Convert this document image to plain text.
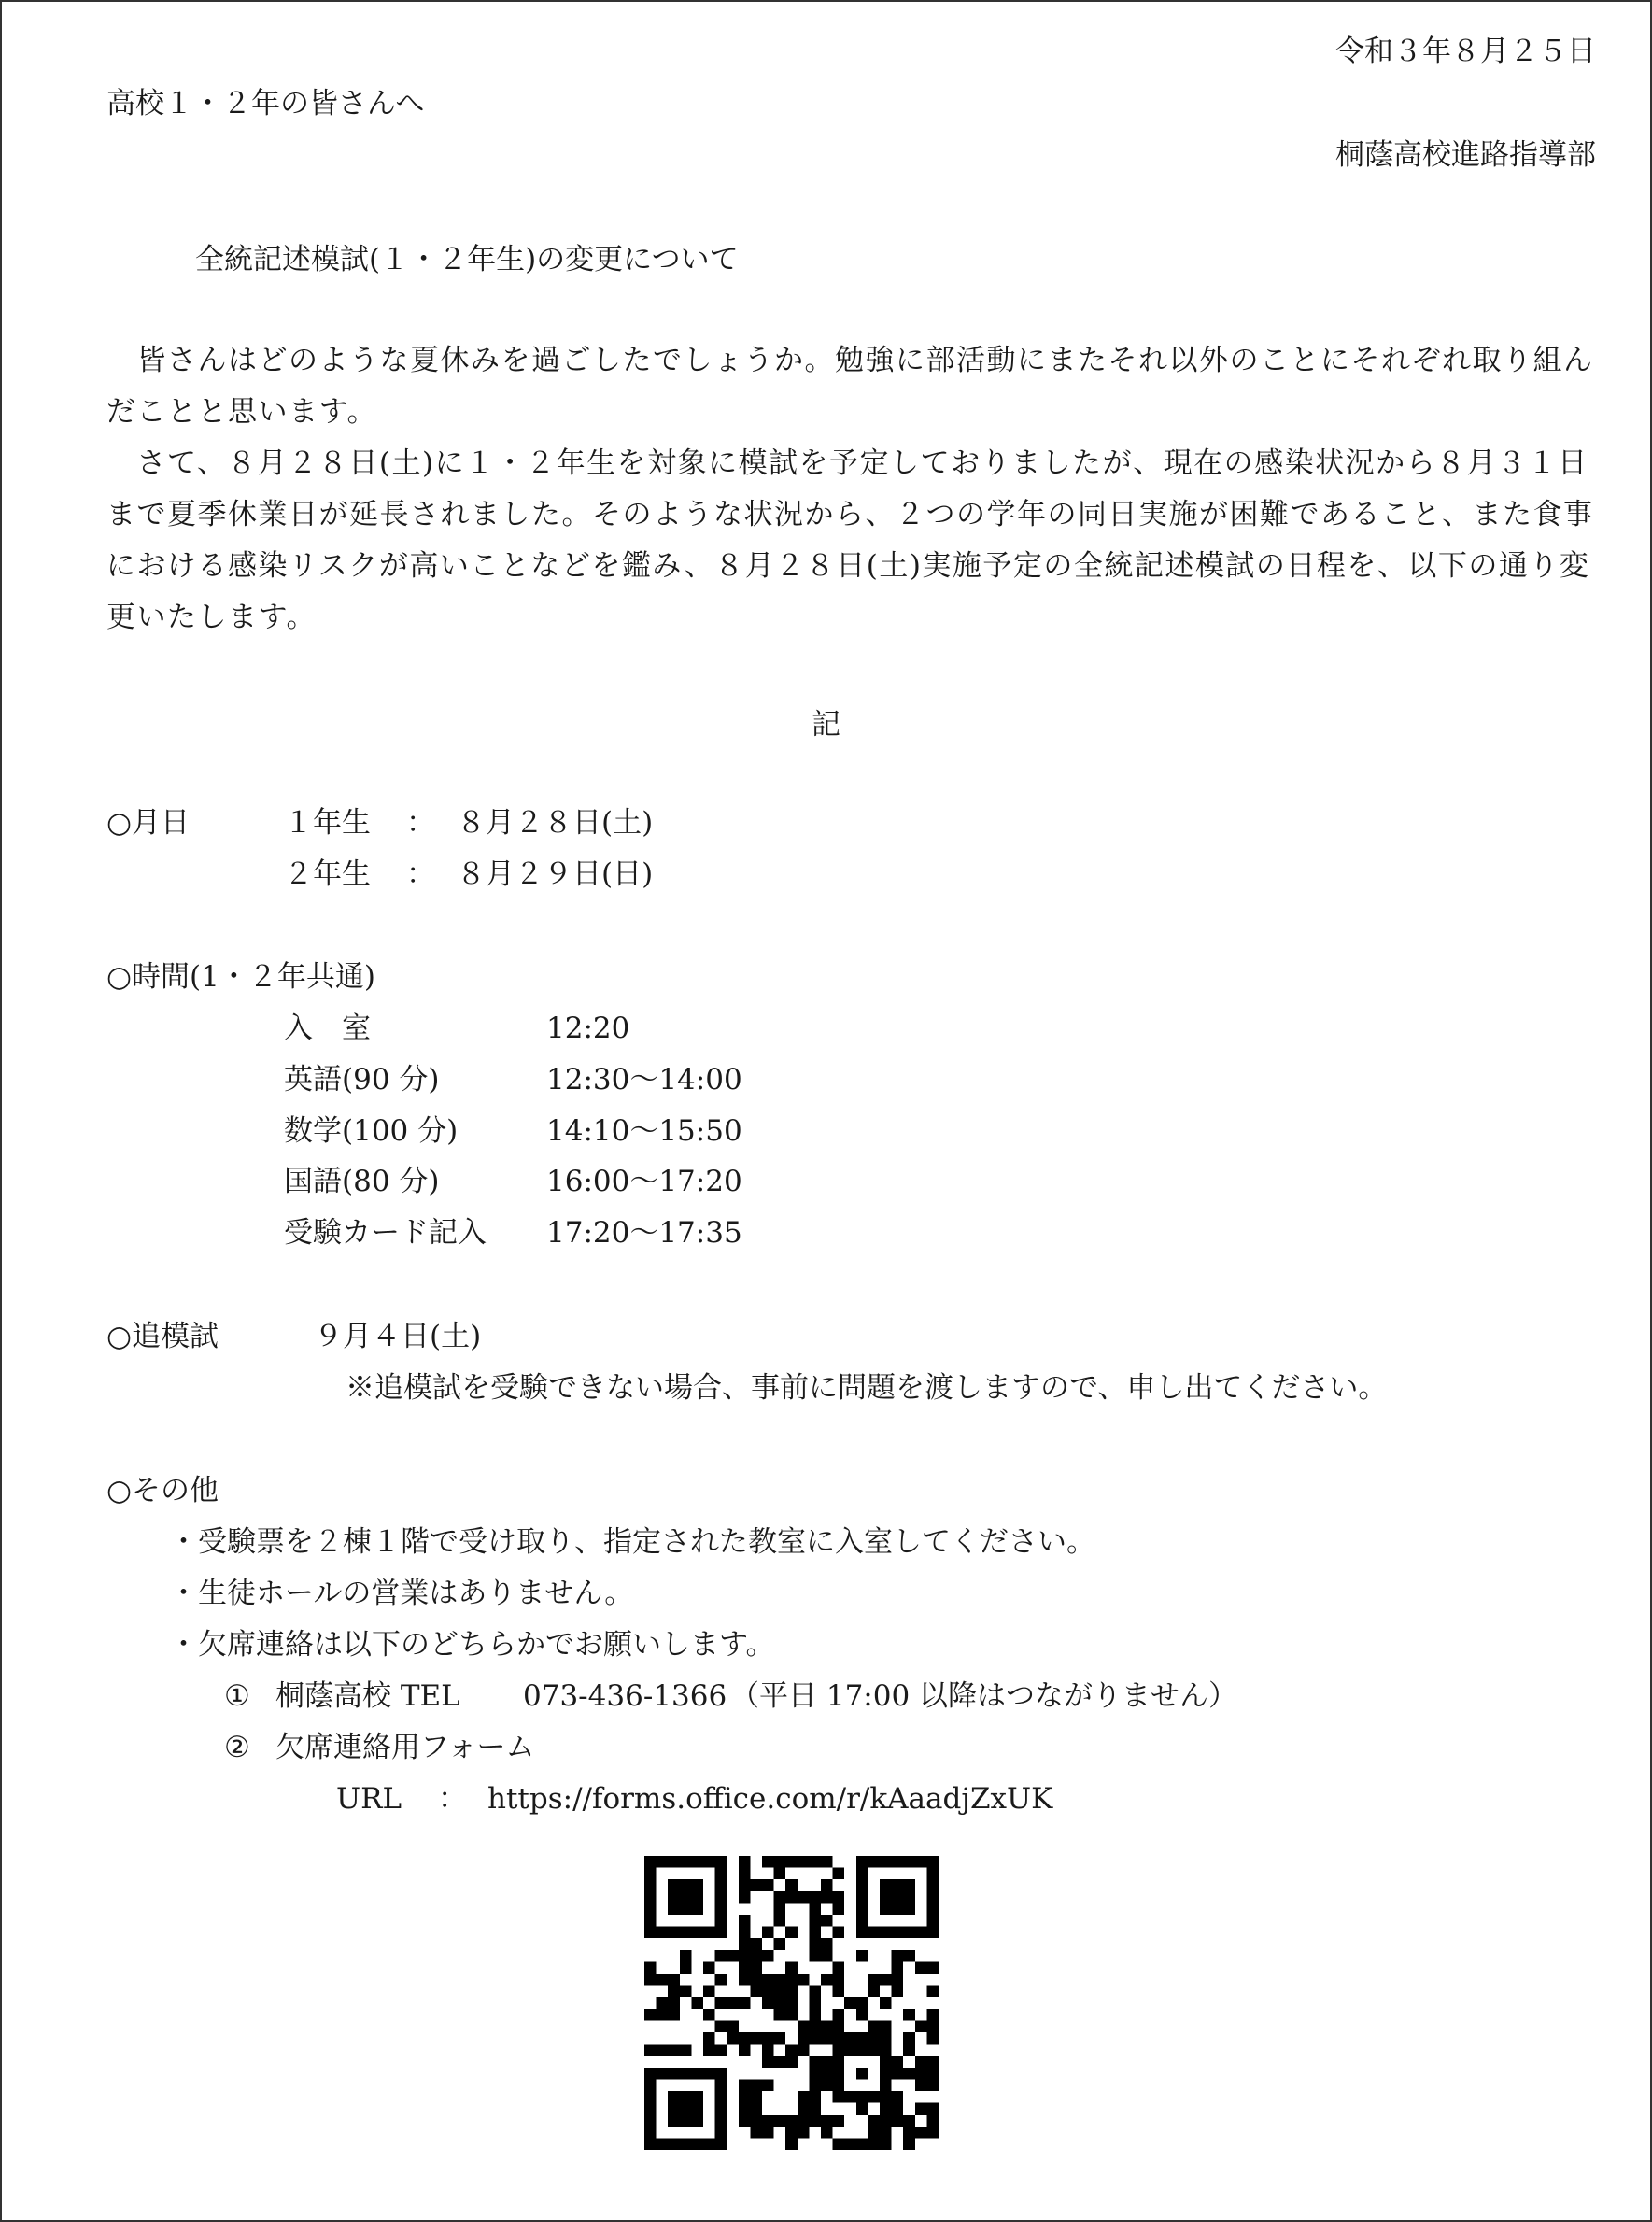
令和３年８月２５日
高校１・２年の皆さんへ
桐蔭高校進路指導部
全統記述模試(１・２年生)の変更について
　皆さんはどのような夏休みを過ごしたでしょうか。勉強に部活動にまたそれ以外のことにそれぞれ取り組んだことと思います。
　さて、８月２８日(土)に１・２年生を対象に模試を予定しておりましたが、現在の感染状況から８月３１日まで夏季休業日が延長されました。そのような状況から、２つの学年の同日実施が困難であること、また食事における感染リスクが高いことなどを鑑み、８月２８日(土)実施予定の全統記述模試の日程を、以下の通り変更いたします。
記
○月日	１年生 ： ８月２８日(土)
２年生 ： ８月２９日(日)
○時間(1・２年共通)
入　室	12:20
英語(90 分)	12:30～14:00
数学(100 分)	14:10～15:50
国語(80 分)	16:00～17:20
受験カード記入 17:20～17:35
○追模試	９月４日(土)
※追模試を受験できない場合、事前に問題を渡しますので、申し出てください。
○その他
・受験票を２棟１階で受け取り、指定された教室に入室してください。
・生徒ホールの営業はありません。
・欠席連絡は以下のどちらかでお願いします。
① 桐蔭高校 TEL 073-436-1366 （平日 17:00 以降はつながりません）
② 欠席連絡用フォーム
URL ： https://forms.office.com/r/kAaadjZxUK
